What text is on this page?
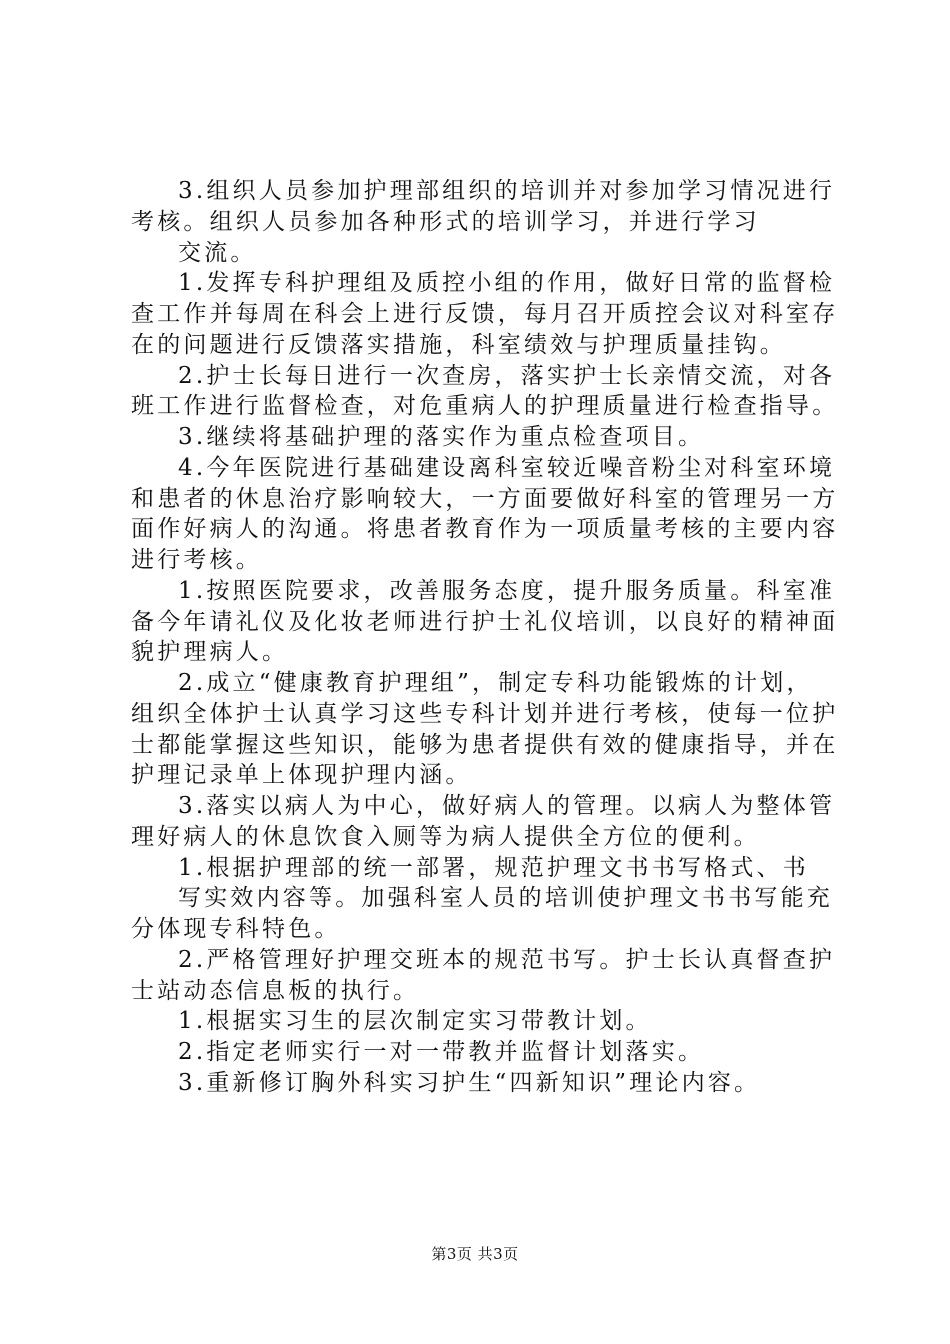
3.组织人员参加护理部组织的培训并对参加学习情况进行
考核。组织人员参加各种形式的培训学习，并进行学习
交流。
1.发挥专科护理组及质控小组的作用，做好日常的监督检
查工作并每周在科会上进行反馈，每月召开质控会议对科室存
在的问题进行反馈落实措施，科室绩效与护理质量挂钩。
2.护士长每日进行一次查房，落实护士长亲情交流，对各
班工作进行监督检查，对危重病人的护理质量进行检查指导。
3.继续将基础护理的落实作为重点检查项目。
4.今年医院进行基础建设离科室较近噪音粉尘对科室环境
和患者的休息治疗影响较大，一方面要做好科室的管理另一方
面作好病人的沟通。将患者教育作为一项质量考核的主要内容
进行考核。
1.按照医院要求，改善服务态度，提升服务质量。科室准
备今年请礼仪及化妆老师进行护士礼仪培训，以良好的精神面
貌护理病人。
2.成立“健康教育护理组”，制定专科功能锻炼的计划，
组织全体护士认真学习这些专科计划并进行考核，使每一位护
士都能掌握这些知识，能够为患者提供有效的健康指导，并在
护理记录单上体现护理内涵。
3.落实以病人为中心，做好病人的管理。以病人为整体管
理好病人的休息饮食入厕等为病人提供全方位的便利。
1.根据护理部的统一部署，规范护理文书书写格式、书
写实效内容等。加强科室人员的培训使护理文书书写能充
分体现专科特色。
2.严格管理好护理交班本的规范书写。护士长认真督查护
士站动态信息板的执行。
1.根据实习生的层次制定实习带教计划。
2.指定老师实行一对一带教并监督计划落实。
3.重新修订胸外科实习护生“四新知识”理论内容。
第3页 共3页
